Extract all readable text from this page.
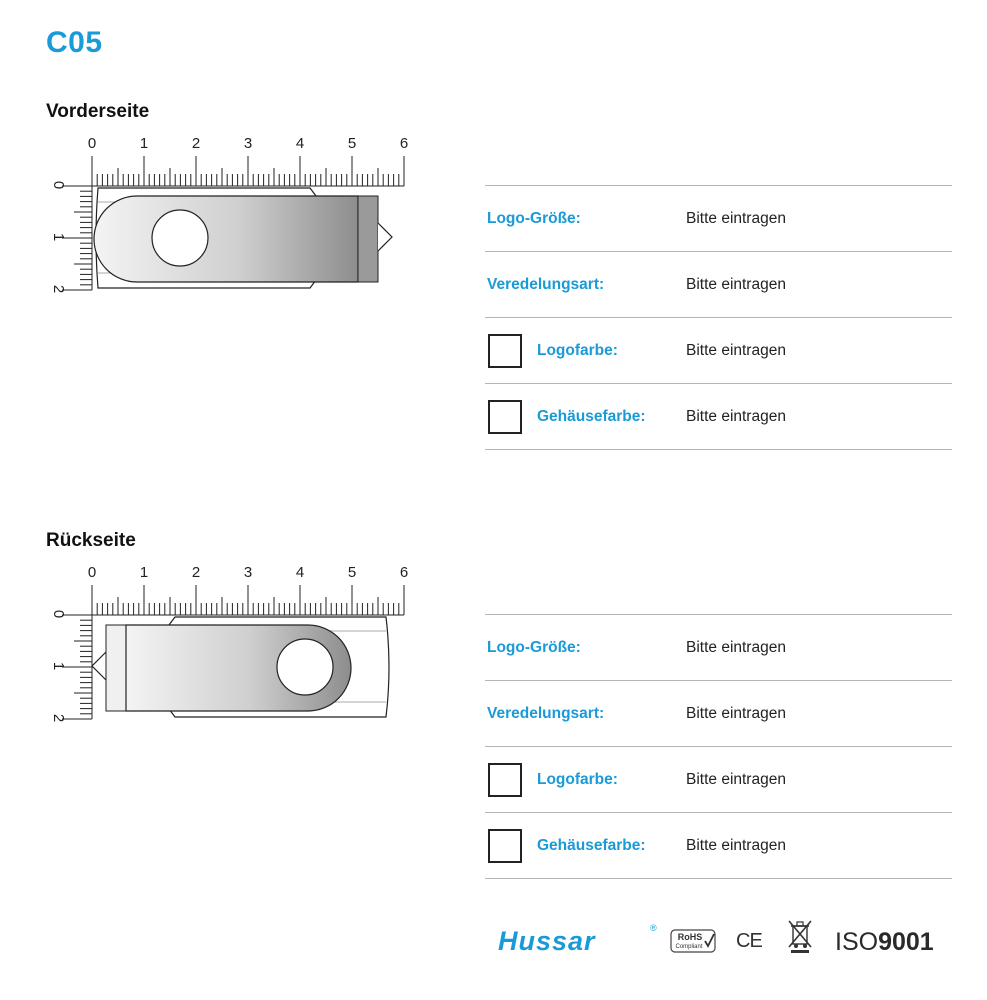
C05
Vorderseite
0	1	2	3	4	5	6
0
1
2
Logo-Größe:	Bitte eintragen
Veredelungsart:	Bitte eintragen
Logofarbe:	Bitte eintragen
Gehäusefarbe:	Bitte eintragen
Rückseite
0	1	2	3	4	5	6
0
1
2
Logo-Größe:	Bitte eintragen
Veredelungsart:	Bitte eintragen
Logofarbe:	Bitte eintragen
Gehäusefarbe:	Bitte eintragen
Hussar	®
RoHS
Compliant CE	ISO9001
